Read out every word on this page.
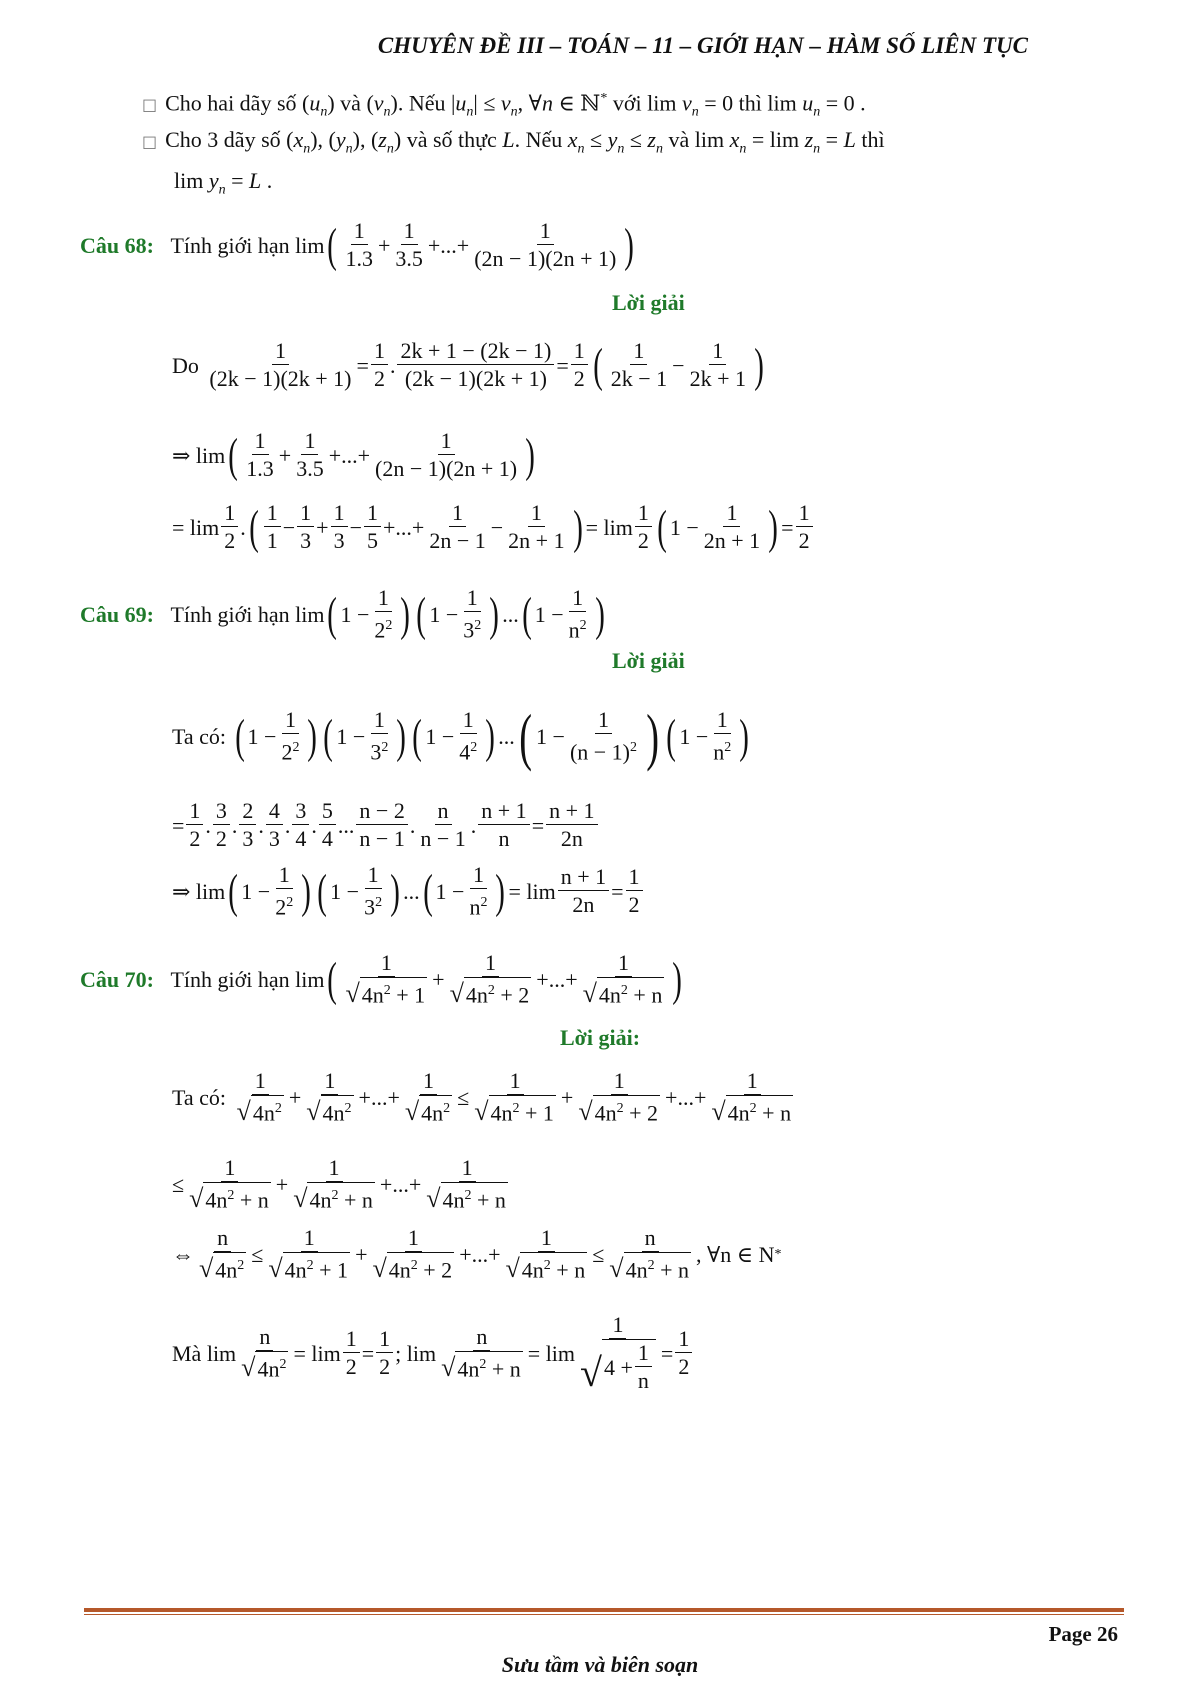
CHUYÊN ĐỀ III – TOÁN – 11 – GIỚI HẠN – HÀM SỐ LIÊN TỤC
□ Cho hai dãy số $(u_n)$ và $(v_n)$. Nếu $|u_n| \le v_n$, ∀n ∈ ℕ* với $\lim v_n = 0$ thì $\lim u_n = 0$ .
□ Cho 3 dãy số $(x_n)$, $(y_n)$, $(z_n)$ và số thực L. Nếu $x_n \le y_n \le z_n$ và $\lim x_n = \lim z_n = L$ thì
$\lim y_n = L$ .
Câu 68:
Tính giới hạn lim ( $\frac{1}{1.3} + \frac{1}{3.5}$ +...+ $\frac{1}{(2n - 1)(2n + 1)}$ )
Lời giải
Do
$\frac{1}{(2k - 1)(2k + 1)} = \frac{1}{2}$ . $\frac{2k + 1 - (2k - 1)}{(2k - 1)(2k + 1)} = \frac{1}{2}$ ( $\frac{1}{2k - 1} - \frac{1}{2k + 1}$ )
⇒ lim ( $\frac{1}{1.3} + \frac{1}{3.5}$ +...+ $\frac{1}{(2n - 1)(2n + 1)}$ )
= $\lim \frac{1}{2}$ . ( $\frac{1}{1} - \frac{1}{3} + \frac{1}{3} - \frac{1}{5}$ +...+ $\frac{1}{2n - 1} - \frac{1}{2n + 1}$ ) = $\lim \frac{1}{2}$ ( $1 - \frac{1}{2n + 1}$ ) = $\frac{1}{2}$
Câu 69:
Tính giới hạn lim ( $1 - \frac{1}{2^2}$ ) ( $1 - \frac{1}{3^2}$ ) ... ( $1 - \frac{1}{n^2}$ )
Lời giải
Ta có:
( $1 - \frac{1}{2^2}$ ) ( $1 - \frac{1}{3^2}$ ) ( $1 - \frac{1}{4^2}$ ) ... ( $1 - \frac{1}{(n - 1)^2}$ ) ( $1 - \frac{1}{n^2}$ )
= $\frac{1}{2}$ . $\frac{3}{2}$ . $\frac{2}{3}$ . $\frac{4}{3}$ . $\frac{3}{4}$ . $\frac{5}{4}$ ... $\frac{n - 2}{n - 1}$ . $\frac{n}{n - 1}$ . $\frac{n + 1}{n} = \frac{n + 1}{2n}$
⇒ lim ( $1 - \frac{1}{2^2}$ ) ( $1 - \frac{1}{3^2}$ ) ... ( $1 - \frac{1}{n^2}$ ) = $\lim \frac{n + 1}{2n} = \frac{1}{2}$
Câu 70:
Tính giới hạn lim ( $\frac{1}{√ 4n^2 + 1} + \frac{1}{√ 4n^2 + 2}$ +...+ $\frac{1}{√ 4n^2 + n}$ )
Lời giải:
Ta có:
$\frac{1}{√ 4n^2} + \frac{1}{√ 4n^2}$ +...+ $\frac{1}{√ 4n^2} \le \frac{1}{√ 4n^2 + 1} + \frac{1}{√ 4n^2 + 2}$ +...+ $\frac{1}{√ 4n^2 + n}$
≤ $\frac{1}{√ 4n^2 + n} + \frac{1}{√ 4n^2 + n}$ +...+ $\frac{1}{√ 4n^2 + n}$
⇔ $\frac{n}{√ 4n^2} \le \frac{1}{√ 4n^2 + 1} + \frac{1}{√ 4n^2 + 2}$ +...+ $\frac{1}{√ 4n^2 + n} \le \frac{n}{√ 4n^2 + n}$ , ∀n ∈ N *
Mà $\lim \frac{n}{√ 4n^2} = \lim \frac{1}{2} = \frac{1}{2}$ ; $\lim \frac{n}{√ 4n^2 + n} = \lim \frac{1}{√ 4 + \frac{1}{n}} = \frac{1}{2}$
Page 26
Sưu tầm và biên soạn
